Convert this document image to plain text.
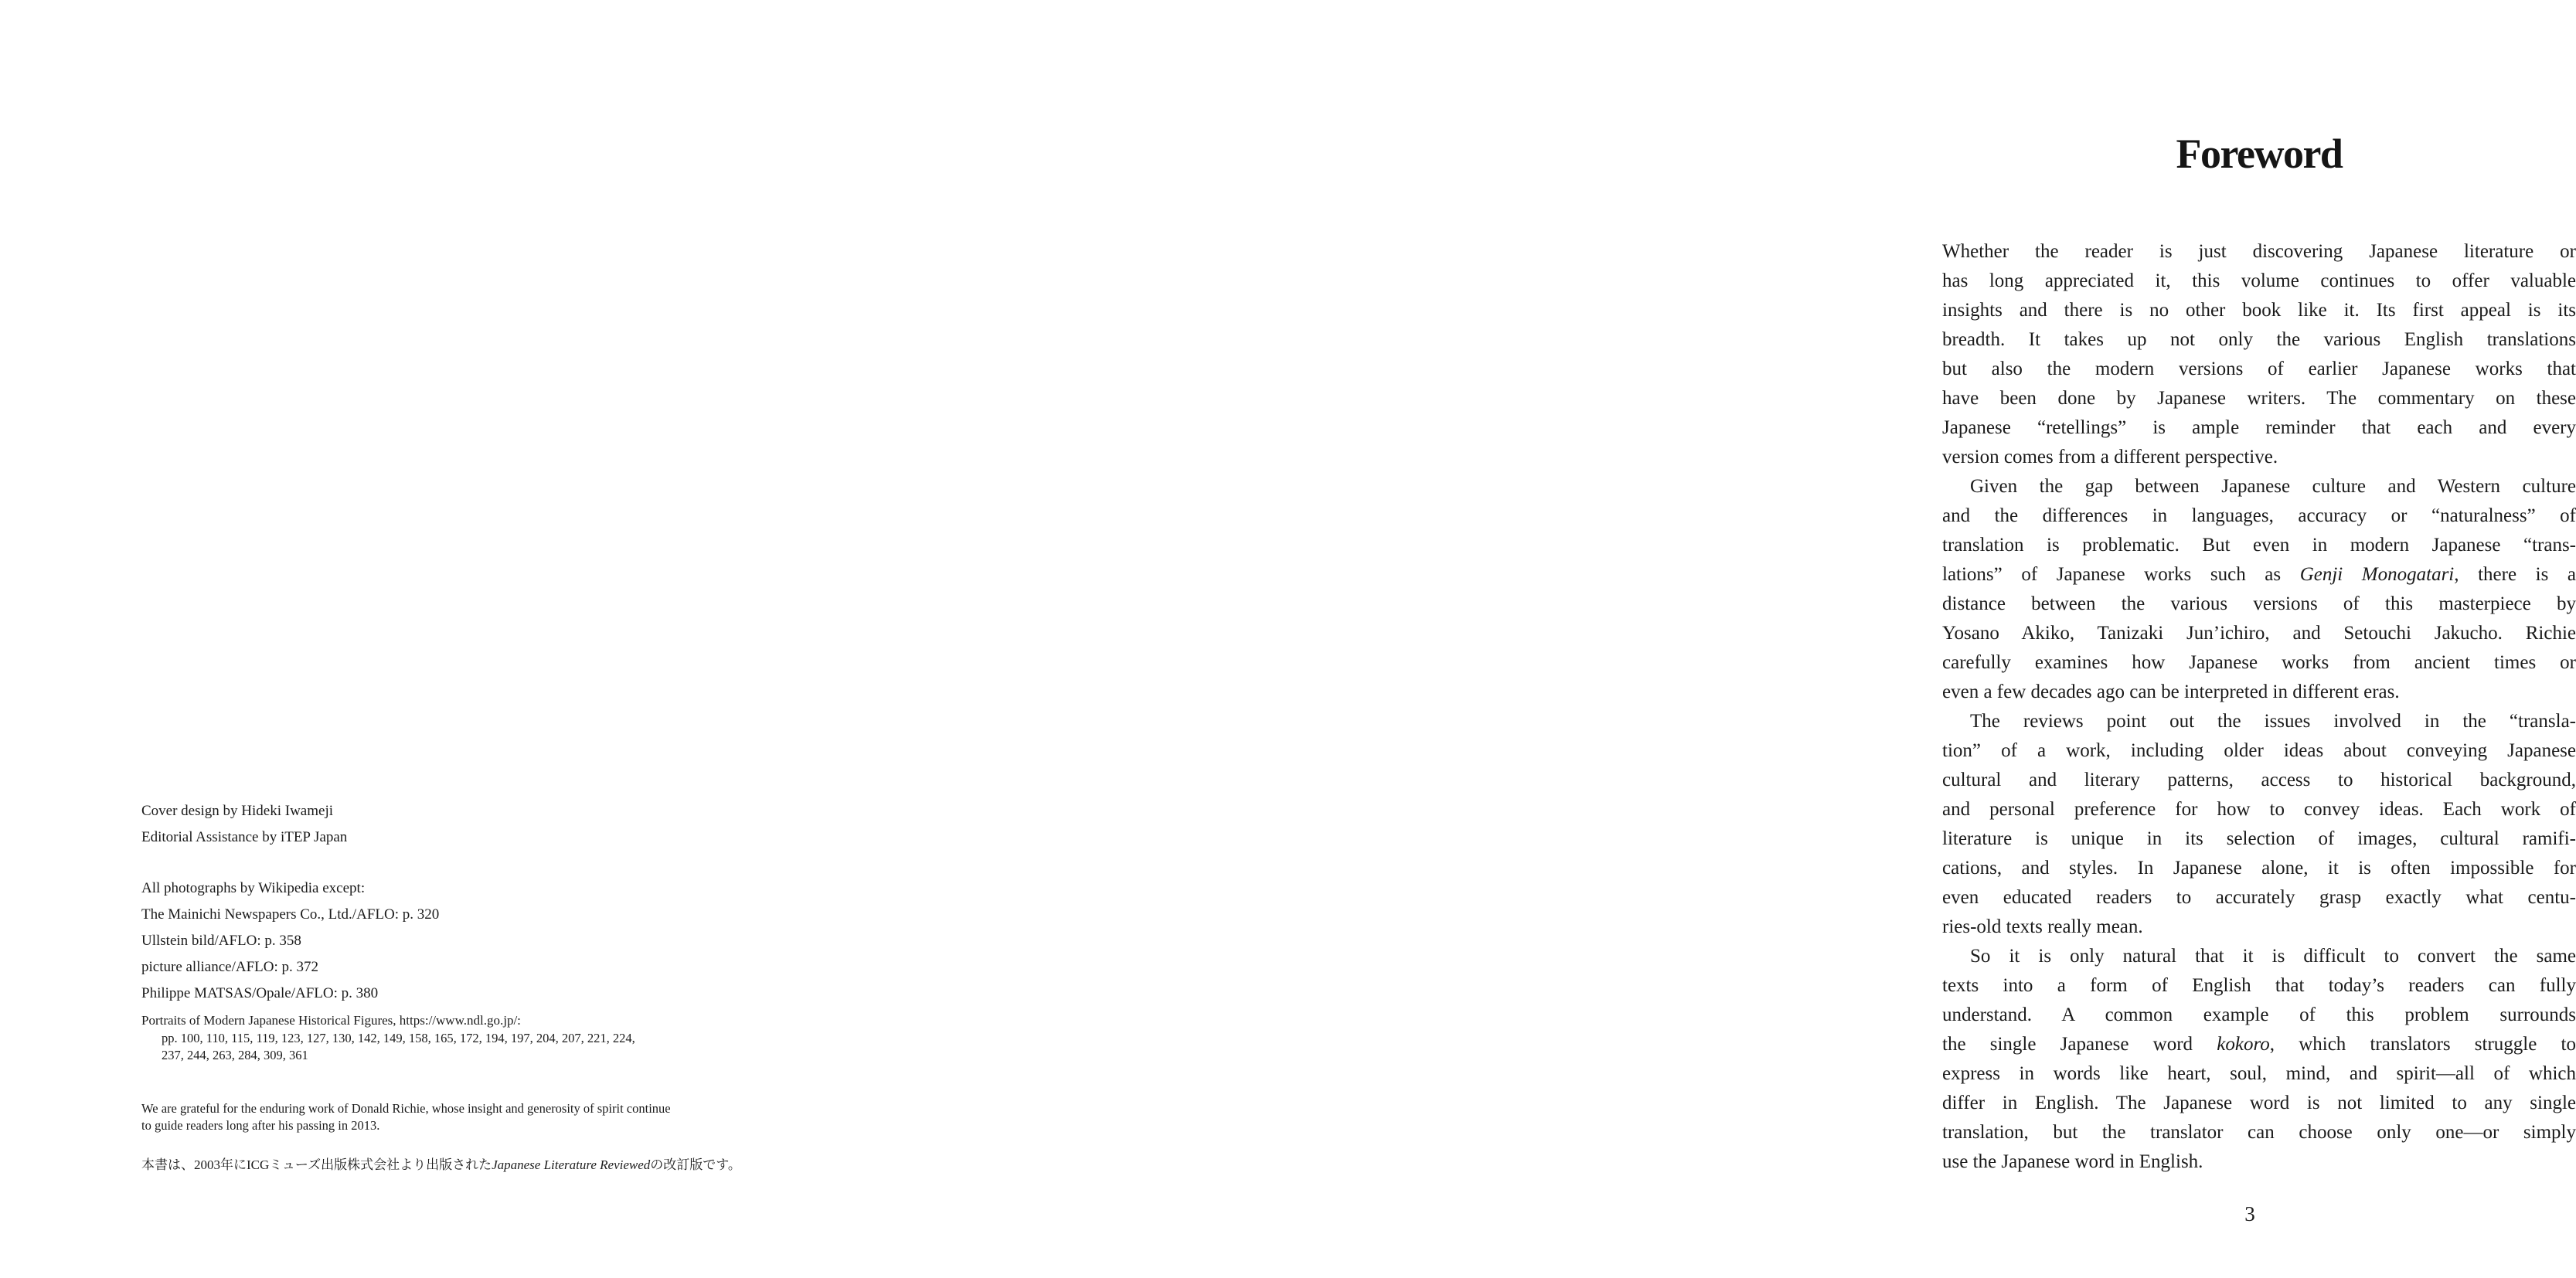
Cover design by Hideki Iwameji
Editorial Assistance by iTEP Japan
All photographs by Wikipedia except:
The Mainichi Newspapers Co., Ltd./AFLO: p. 320
Ullstein bild/AFLO: p. 358
picture alliance/AFLO: p. 372
Philippe MATSAS/Opale/AFLO: p. 380
Portraits of Modern Japanese Historical Figures, https://www.ndl.go.jp/:
pp. 100, 110, 115, 119, 123, 127, 130, 142, 149, 158, 165, 172, 194, 197, 204, 207, 221, 224,
237, 244, 263, 284, 309, 361
We are grateful for the enduring work of Donald Richie, whose insight and generosity of spirit continue
to guide readers long after his passing in 2013.
本書は、2003年にICGミューズ出版株式会社より出版されたJapanese Literature Reviewedの改訂版です。
Foreword
Whether the reader is just discovering Japanese literature or
has long appreciated it, this volume continues to offer valuable
insights and there is no other book like it. Its first appeal is its
breadth. It takes up not only the various English translations
but also the modern versions of earlier Japanese works that
have been done by Japanese writers. The commentary on these
Japanese “retellings” is ample reminder that each and every
version comes from a different perspective.
Given the gap between Japanese culture and Western culture
and the differences in languages, accuracy or “naturalness” of
translation is problematic. But even in modern Japanese “trans-
lations” of Japanese works such as Genji Monogatari, there is a
distance between the various versions of this masterpiece by
Yosano Akiko, Tanizaki Jun’ichiro, and Setouchi Jakucho. Richie
carefully examines how Japanese works from ancient times or
even a few decades ago can be interpreted in different eras.
The reviews point out the issues involved in the “transla-
tion” of a work, including older ideas about conveying Japanese
cultural and literary patterns, access to historical background,
and personal preference for how to convey ideas. Each work of
literature is unique in its selection of images, cultural ramifi-
cations, and styles. In Japanese alone, it is often impossible for
even educated readers to accurately grasp exactly what centu-
ries-old texts really mean.
So it is only natural that it is difficult to convert the same
texts into a form of English that today’s readers can fully
understand. A common example of this problem surrounds
the single Japanese word kokoro, which translators struggle to
express in words like heart, soul, mind, and spirit—all of which
differ in English. The Japanese word is not limited to any single
translation, but the translator can choose only one—or simply
use the Japanese word in English.
3
